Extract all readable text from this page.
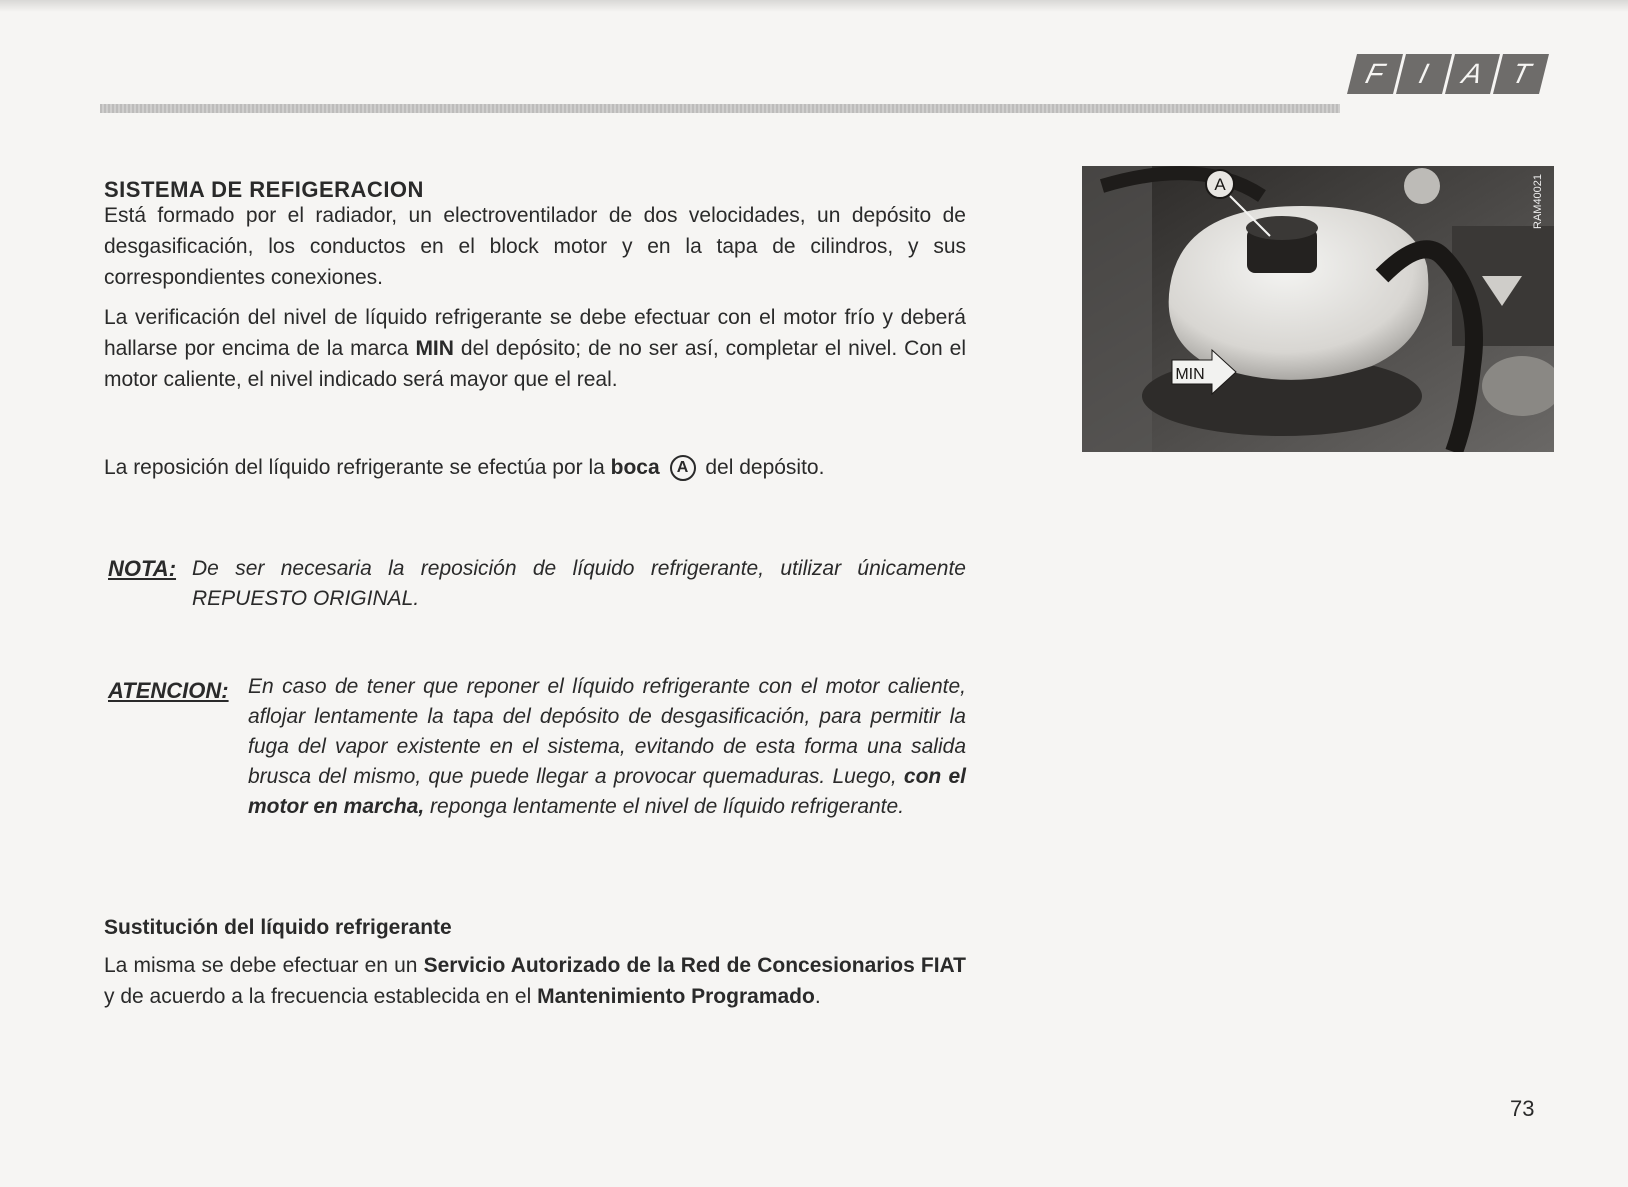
F	I A T
SISTEMA DE REFIGERACION
Está formado por el radiador, un electroventilador de dos velocidades, un depósito de desgasificación, los conductos en el block motor y en la tapa de cilindros, y sus correspondientes conexiones.
La verificación del nivel de líquido refrigerante se debe efectuar con el motor frío y deberá hallarse por encima de la marca MIN del depósito; de no ser así, completar el nivel. Con el motor caliente, el nivel indicado será mayor que el real.
La reposición del líquido refrigerante se efectúa por la boca A del depósito.
NOTA: De ser necesaria la reposición de líquido refrigerante, utilizar únicamente REPUESTO ORIGINAL.
ATENCION: En caso de tener que reponer el líquido refrigerante con el motor caliente, aflojar lentamente la tapa del depósito de desgasificación, para permitir la fuga del vapor existente en el sistema, evitando de esta forma una salida brusca del mismo, que puede llegar a provocar quemaduras. Luego, con el motor en marcha, reponga lentamente el nivel de líquido refrigerante.
Sustitución del líquido refrigerante
La misma se debe efectuar en un Servicio Autorizado de la Red de Concesionarios FIAT y de acuerdo a la frecuencia establecida en el Mantenimiento Programado.
A
MIN
RAM40021
73
